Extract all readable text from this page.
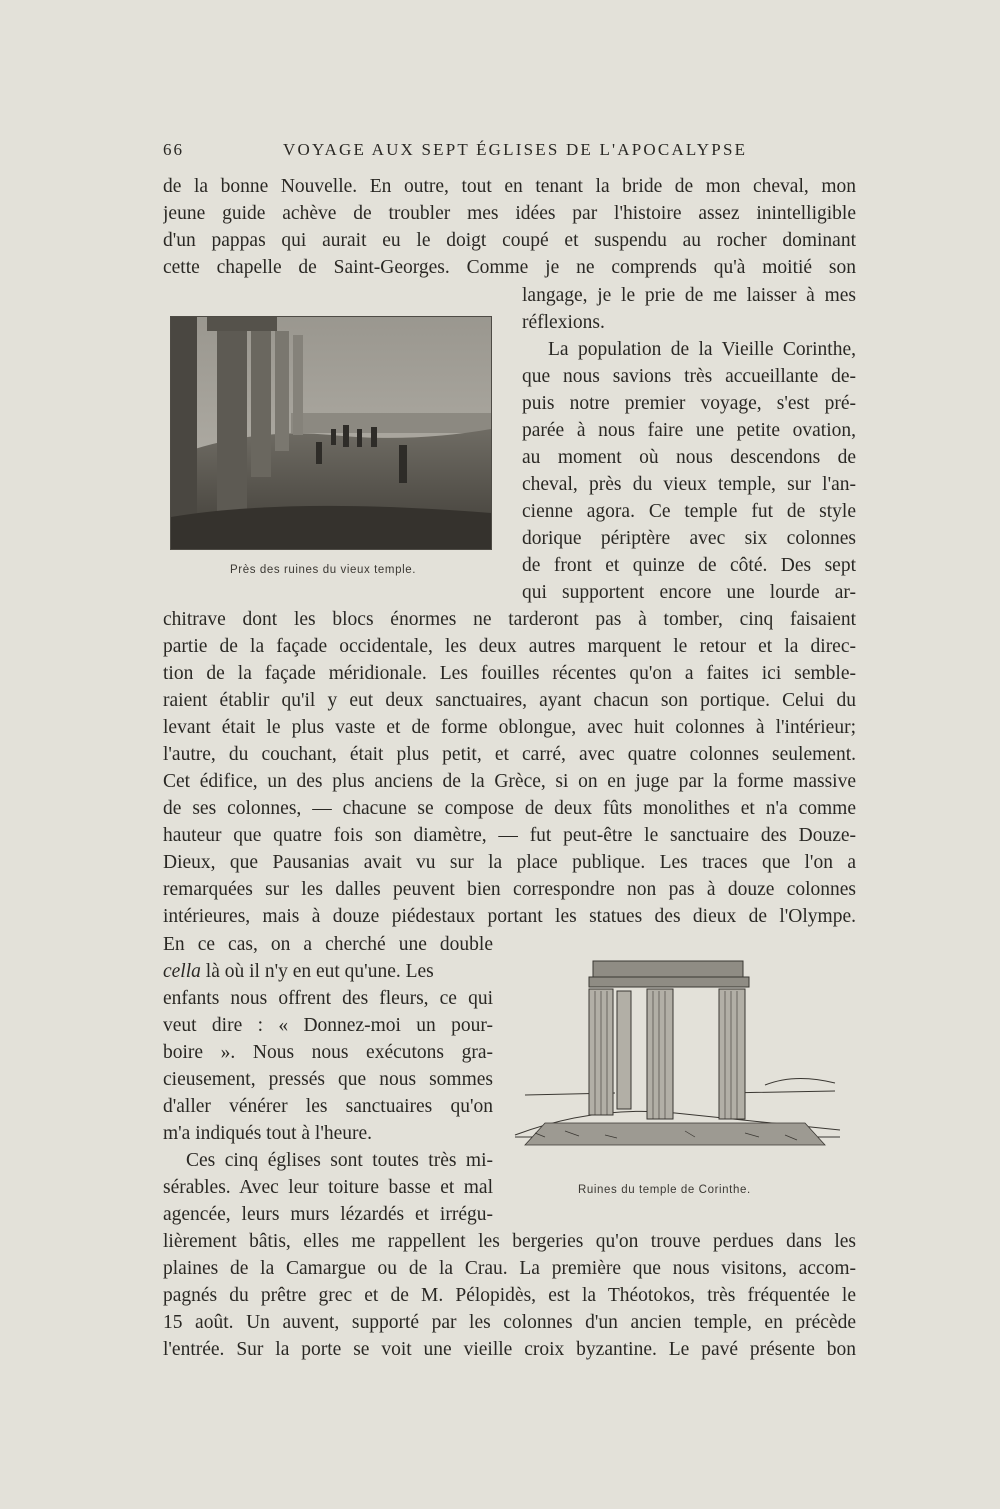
66	VOYAGE AUX SEPT ÉGLISES DE L'APOCALYPSE
de la bonne Nouvelle. En outre, tout en tenant la bride de mon cheval, mon
jeune guide achève de troubler mes idées par l'histoire assez inintelligible
d'un pappas qui aurait eu le doigt coupé et suspendu au rocher dominant
cette chapelle de Saint-Georges. Comme je ne comprends qu'à moitié son
langage, je le prie de me laisser à mes
réflexions.
La population de la Vieille Corinthe,
que nous savions très accueillante de-
puis notre premier voyage, s'est pré-
parée à nous faire une petite ovation,
au moment où nous descendons de
cheval, près du vieux temple, sur l'an-
cienne agora. Ce temple fut de style
dorique périptère avec six colonnes
de front et quinze de côté. Des sept
qui supportent encore une lourde ar-
Près des ruines du vieux temple.
chitrave dont les blocs énormes ne tarderont pas à tomber, cinq faisaient
partie de la façade occidentale, les deux autres marquent le retour et la direc-
tion de la façade méridionale. Les fouilles récentes qu'on a faites ici semble-
raient établir qu'il y eut deux sanctuaires, ayant chacun son portique. Celui du
levant était le plus vaste et de forme oblongue, avec huit colonnes à l'intérieur;
l'autre, du couchant, était plus petit, et carré, avec quatre colonnes seulement.
Cet édifice, un des plus anciens de la Grèce, si on en juge par la forme massive
de ses colonnes, — chacune se compose de deux fûts monolithes et n'a comme
hauteur que quatre fois son diamètre, — fut peut-être le sanctuaire des Douze-
Dieux, que Pausanias avait vu sur la place publique. Les traces que l'on a
remarquées sur les dalles peuvent bien correspondre non pas à douze colonnes
intérieures, mais à douze piédestaux portant les statues des dieux de l'Olympe.
En ce cas, on a cherché une double
cella là où il n'y en eut qu'une. Les
enfants nous offrent des fleurs, ce qui
veut dire : « Donnez-moi un pour-
boire ». Nous nous exécutons gra-
cieusement, pressés que nous sommes
d'aller vénérer les sanctuaires qu'on
m'a indiqués tout à l'heure.
Ces cinq églises sont toutes très mi-
sérables. Avec leur toiture basse et mal
agencée, leurs murs lézardés et irrégu-
Ruines du temple de Corinthe.
lièrement bâtis, elles me rappellent les bergeries qu'on trouve perdues dans les
plaines de la Camargue ou de la Crau. La première que nous visitons, accom-
pagnés du prêtre grec et de M. Pélopidès, est la Théotokos, très fréquentée le
15 août. Un auvent, supporté par les colonnes d'un ancien temple, en précède
l'entrée. Sur la porte se voit une vieille croix byzantine. Le pavé présente bon
